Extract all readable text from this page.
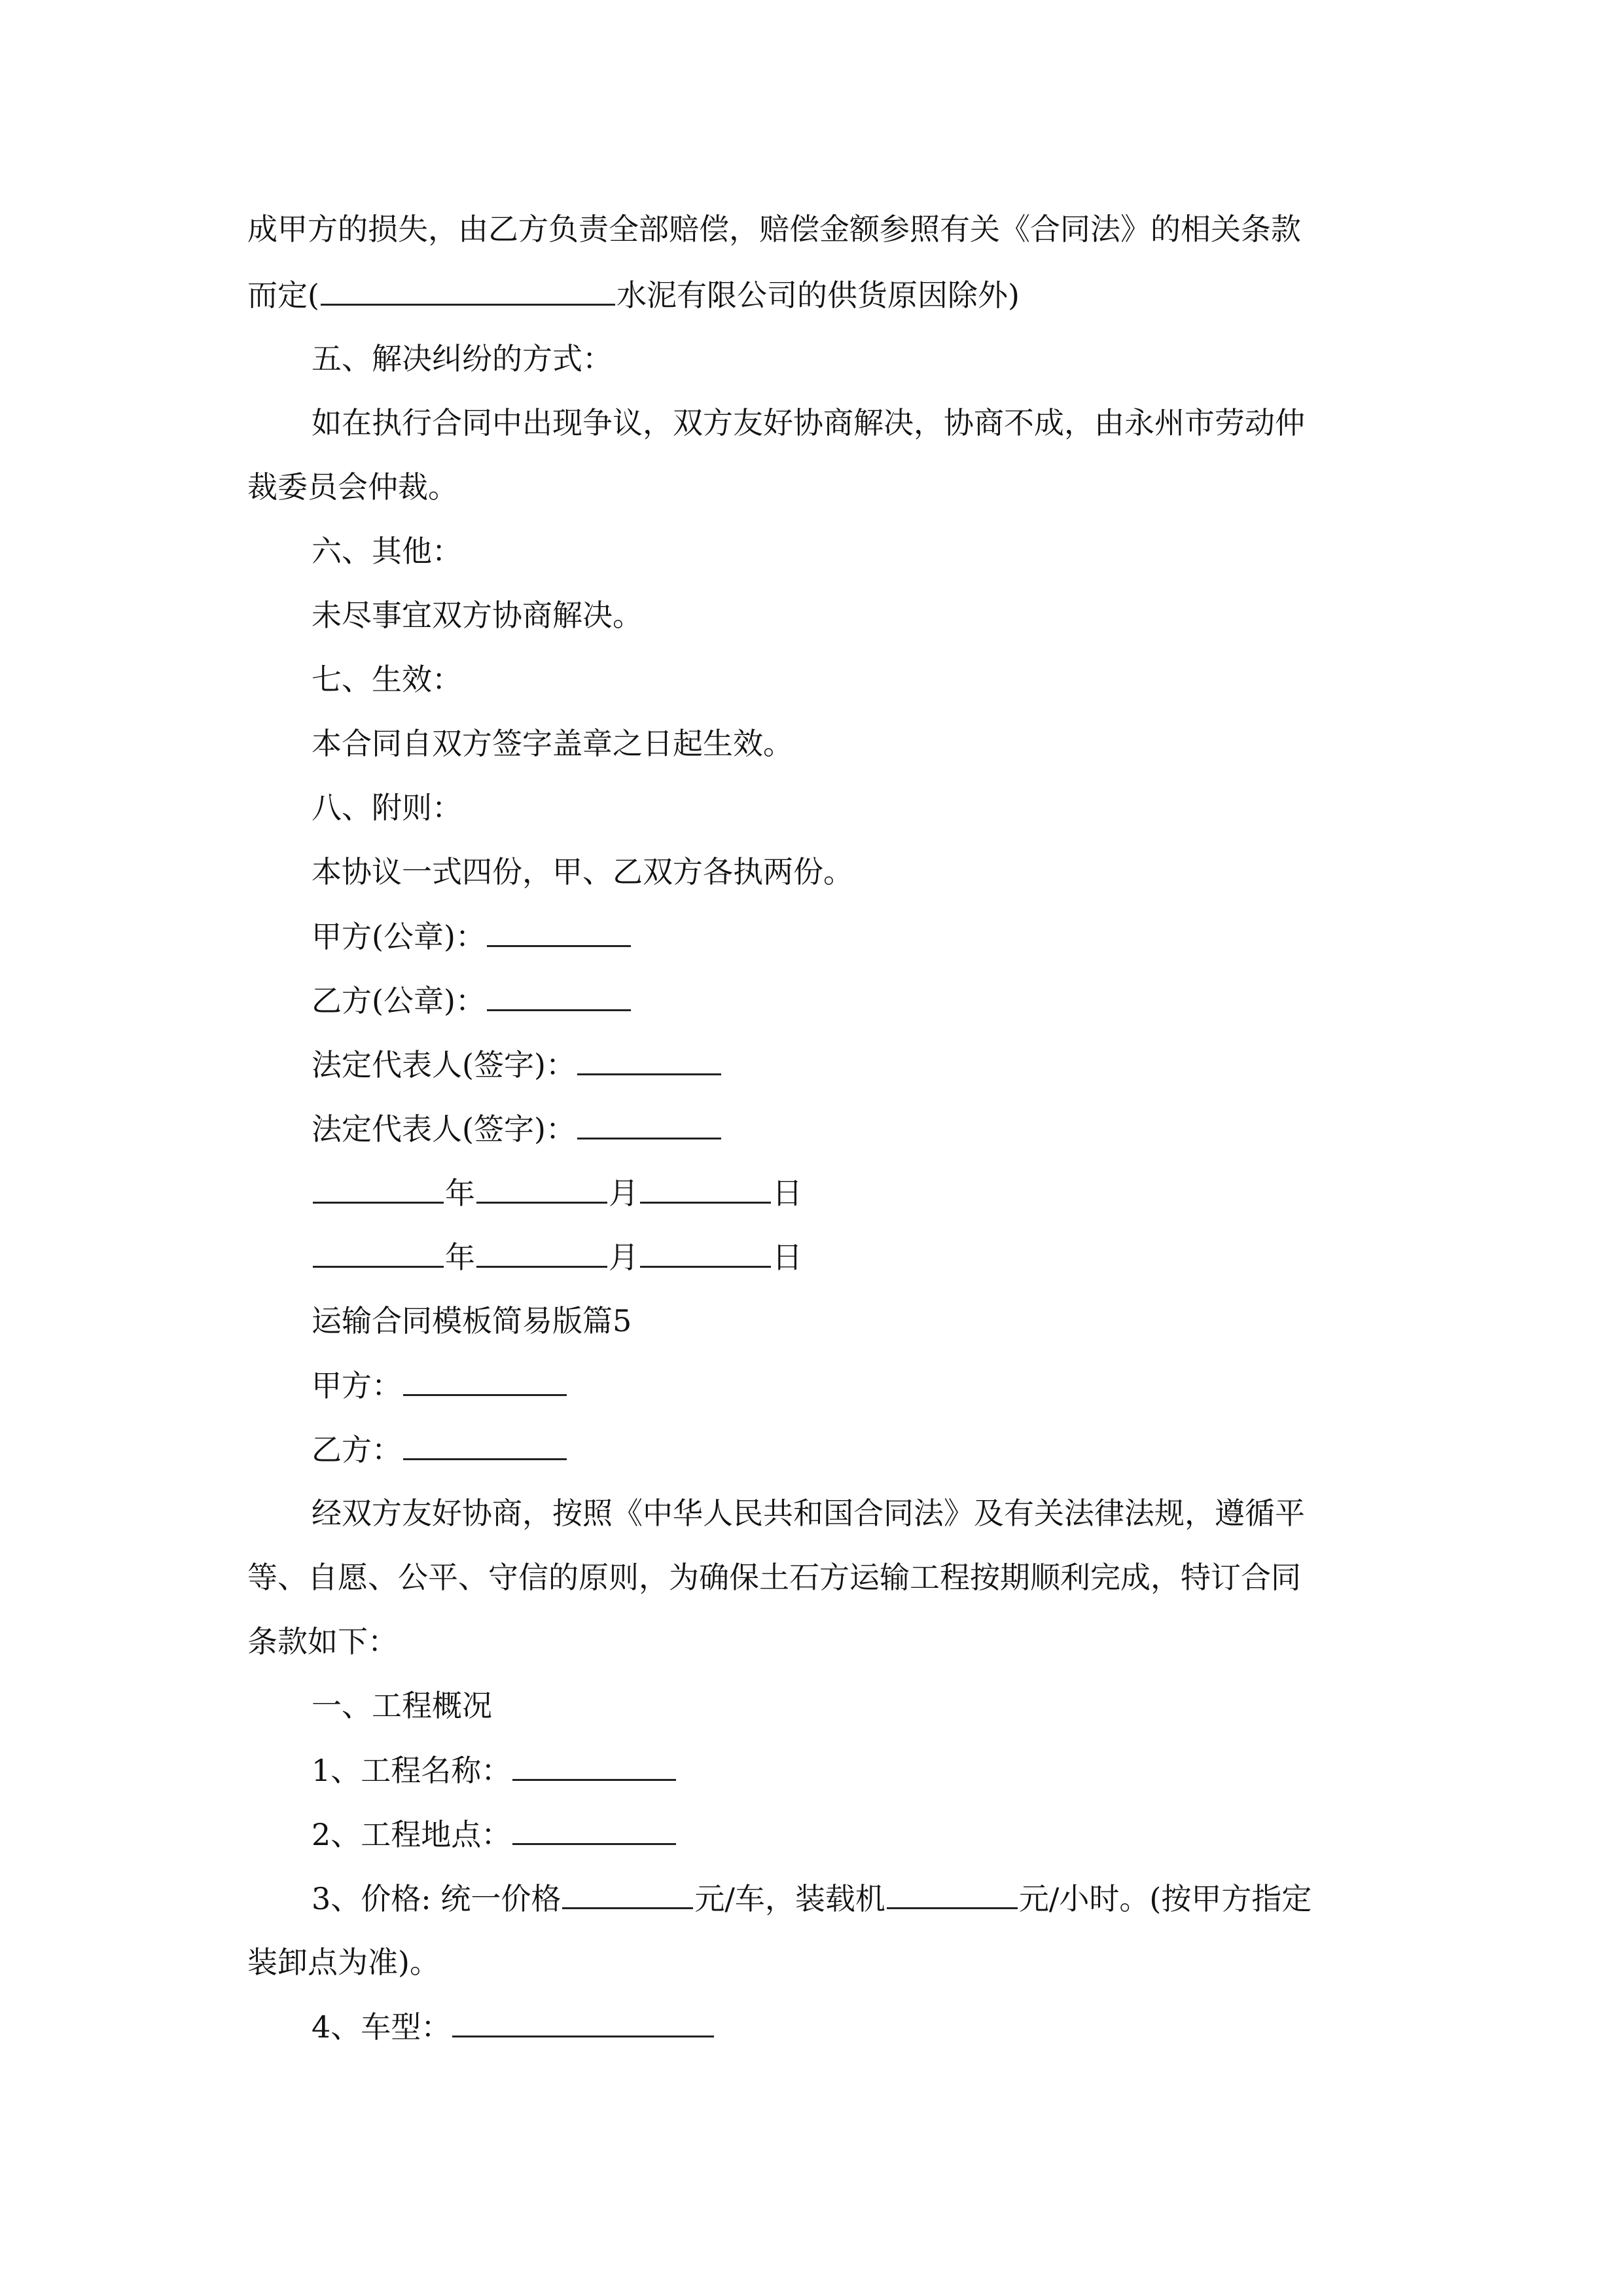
成甲方的损失，由乙方负责全部赔偿，赔偿金额参照有关《合同法》的相关条款
而定(	水泥有限公司的供货原因除外)
五、解决纠纷的方式：
如在执行合同中出现争议，双方友好协商解决，协商不成，由永州市劳动仲
裁委员会仲裁。
六、其他：
未尽事宜双方协商解决。
七、生效：
本合同自双方签字盖章之日起生效。
八、附则：
本协议一式四份，甲、乙双方各执两份。
甲方(公章)：
乙方(公章)：
法定代表人(签字)：
法定代表人(签字)：
年	月	日
年	月	日
运输合同模板简易版篇5
甲方：
乙方：
经双方友好协商，按照《中华人民共和国合同法》及有关法律法规，遵循平
等、自愿、公平、守信的原则，为确保土石方运输工程按期顺利完成，特订合同
条款如下：
一、工程概况
1、工程名称：
2、工程地点：
3、价格: 统一价格	元/车，装载机	元/小时。(按甲方指定
装卸点为准)。
4、车型：
